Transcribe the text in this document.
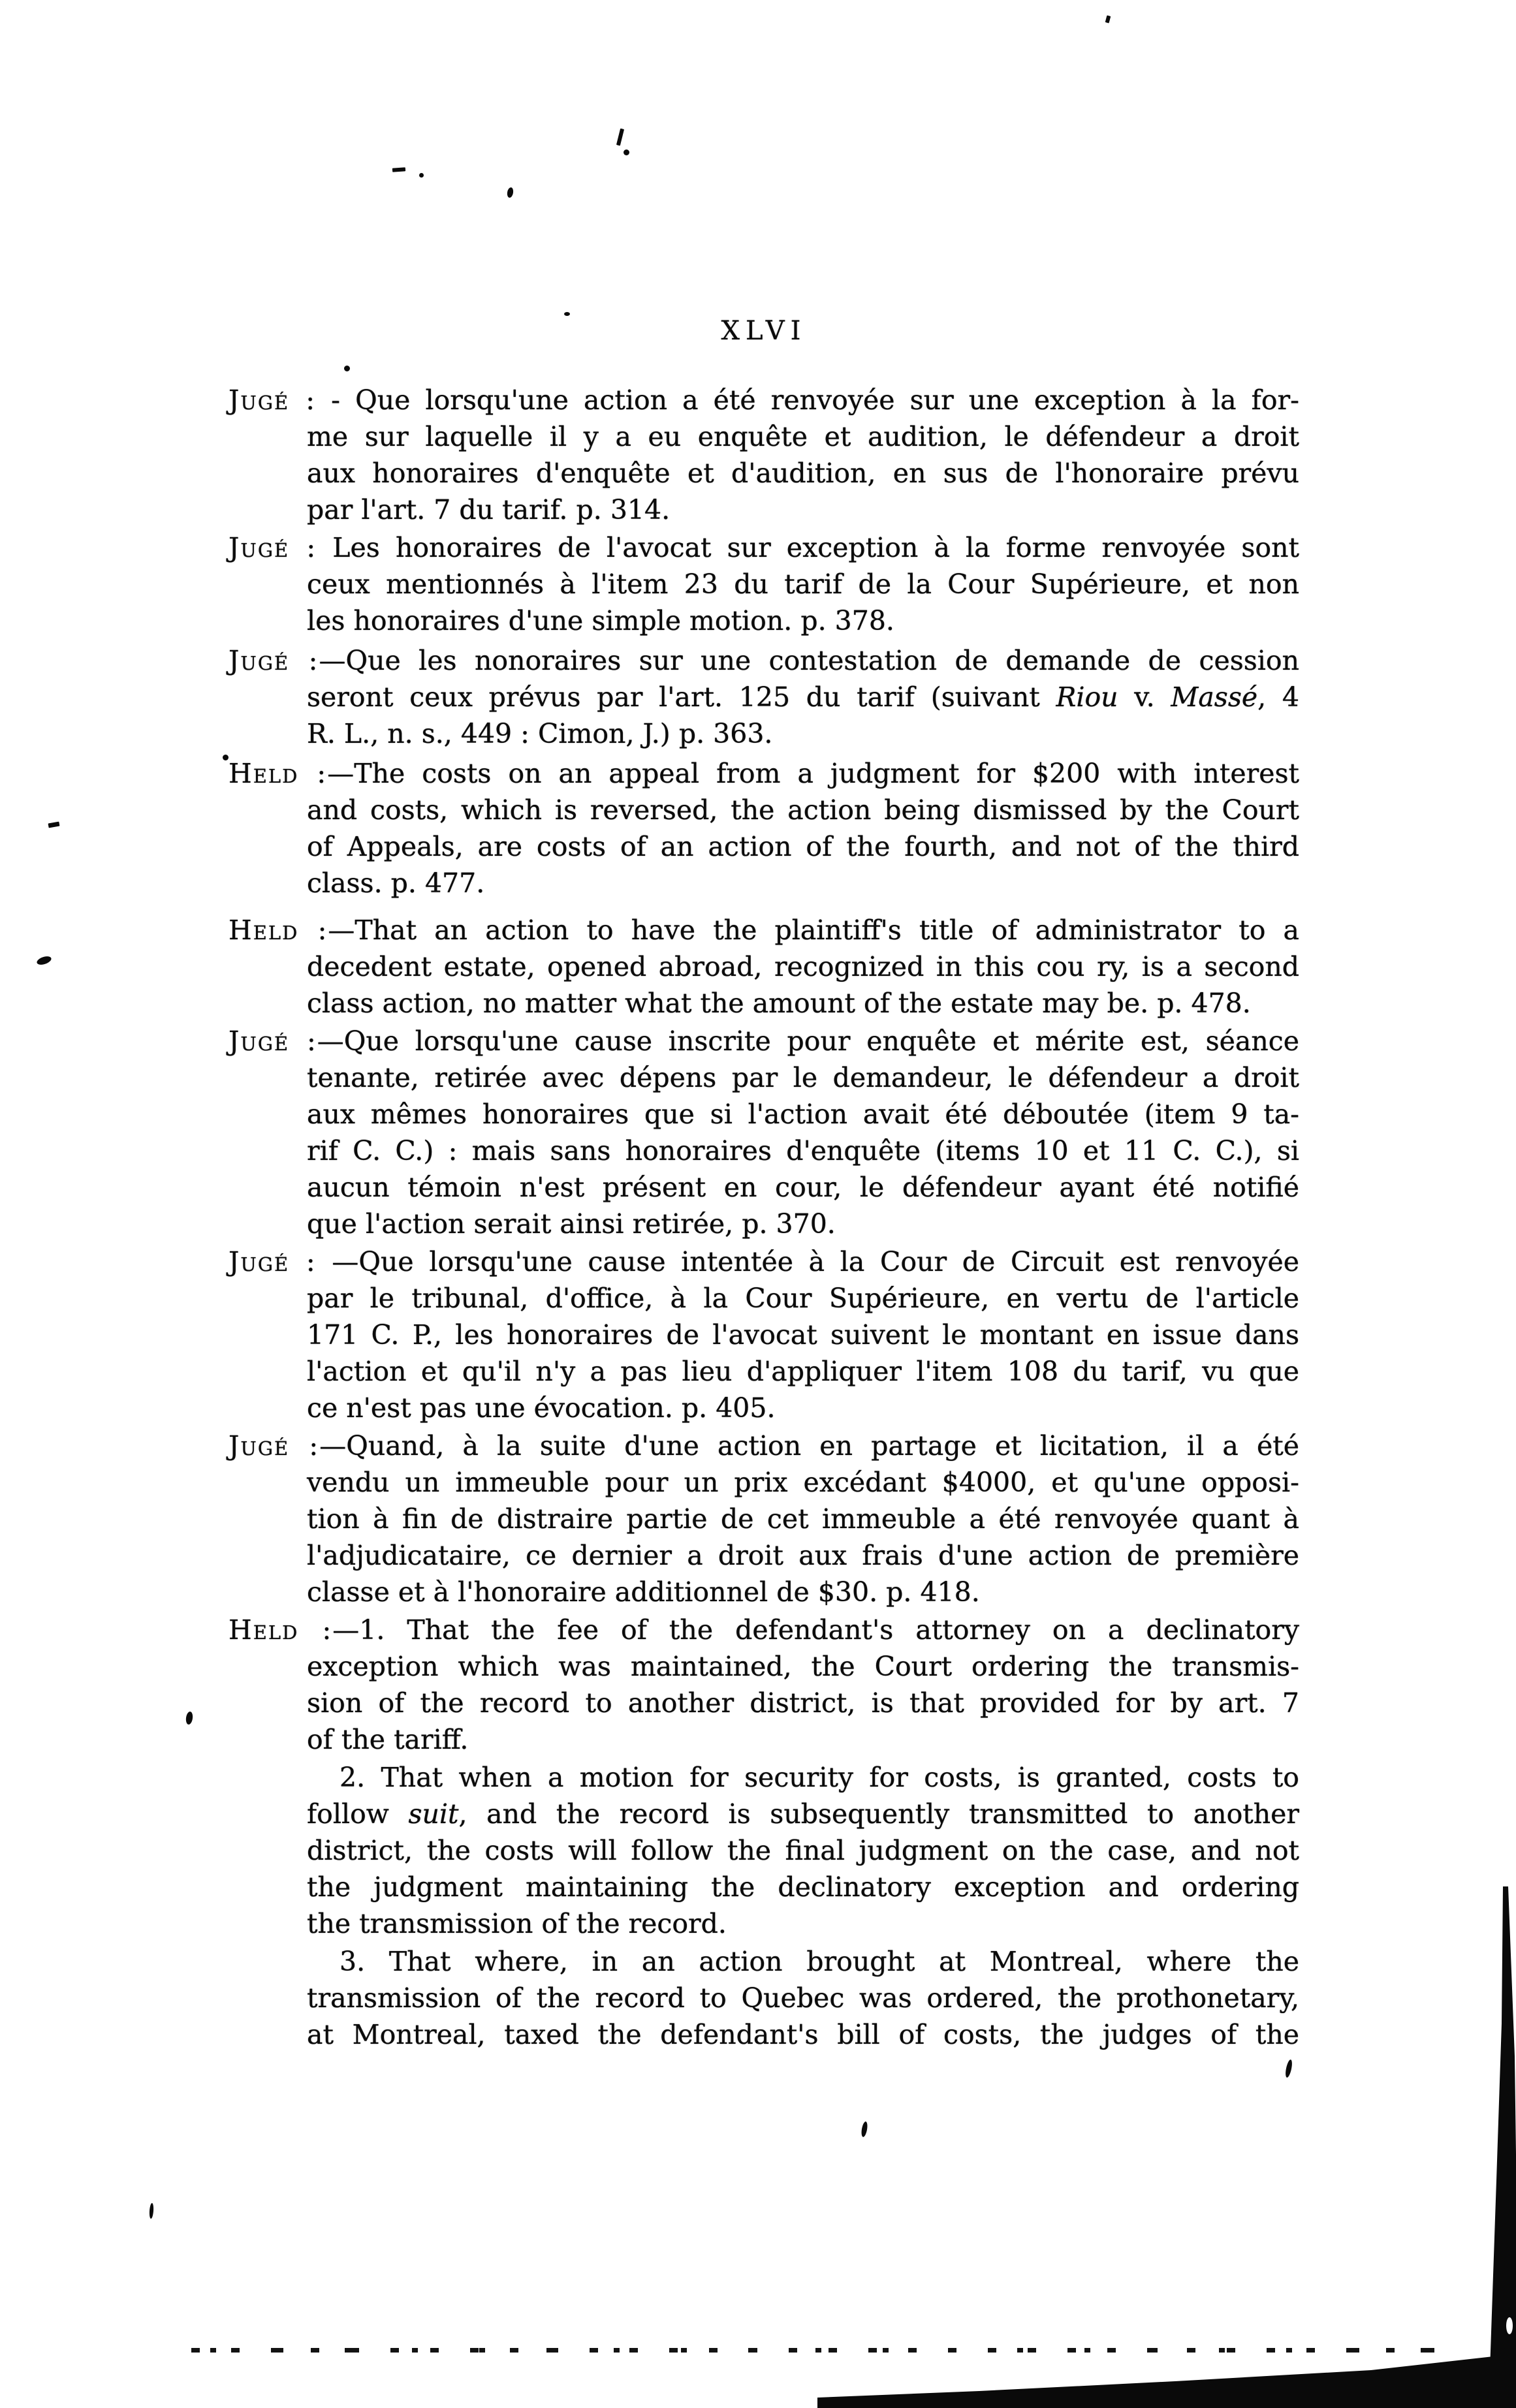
XLVI
Jugé : - Que lorsqu'une action a été renvoyée sur une exception à la for-
me sur laquelle il y a eu enquête et audition, le défendeur a droit
aux honoraires d'enquête et d'audition, en sus de l'honoraire prévu
par l'art. 7 du tarif. p. 314.
Jugé : Les honoraires de l'avocat sur exception à la forme renvoyée sont
ceux mentionnés à l'item 23 du tarif de la Cour Supérieure, et non
les honoraires d'une simple motion. p. 378.
Jugé :—Que les nonoraires sur une contestation de demande de cession
seront ceux prévus par l'art. 125 du tarif (suivant Riou v. Massé, 4
R. L., n. s., 449 : Cimon, J.) p. 363.
Held :—The costs on an appeal from a judgment for $200 with interest
and costs, which is reversed, the action being dismissed by the Court
of Appeals, are costs of an action of the fourth, and not of the third
class. p. 477.
Held :—That an action to have the plaintiff's title of administrator to a
decedent estate, opened abroad, recognized in this cou ry, is a second
class action, no matter what the amount of the estate may be. p. 478.
Jugé :—Que lorsqu'une cause inscrite pour enquête et mérite est, séance
tenante, retirée avec dépens par le demandeur, le défendeur a droit
aux mêmes honoraires que si l'action avait été déboutée (item 9 ta-
rif C. C.) : mais sans honoraires d'enquête (items 10 et 11 C. C.), si
aucun témoin n'est présent en cour, le défendeur ayant été notifié
que l'action serait ainsi retirée, p. 370.
Jugé : —Que lorsqu'une cause intentée à la Cour de Circuit est renvoyée
par le tribunal, d'office, à la Cour Supérieure, en vertu de l'article
171 C. P., les honoraires de l'avocat suivent le montant en issue dans
l'action et qu'il n'y a pas lieu d'appliquer l'item 108 du tarif, vu que
ce n'est pas une évocation. p. 405.
Jugé :—Quand, à la suite d'une action en partage et licitation, il a été
vendu un immeuble pour un prix excédant $4000, et qu'une opposi-
tion à fin de distraire partie de cet immeuble a été renvoyée quant à
l'adjudicataire, ce dernier a droit aux frais d'une action de première
classe et à l'honoraire additionnel de $30. p. 418.
Held :—1. That the fee of the defendant's attorney on a declinatory
exception which was maintained, the Court ordering the transmis-
sion of the record to another district, is that provided for by art. 7
of the tariff.
2. That when a motion for security for costs, is granted, costs to
follow suit, and the record is subsequently transmitted to another
district, the costs will follow the final judgment on the case, and not
the judgment maintaining the declinatory exception and ordering
the transmission of the record.
3. That where, in an action brought at Montreal, where the
transmission of the record to Quebec was ordered, the prothonetary,
at Montreal, taxed the defendant's bill of costs, the judges of the
